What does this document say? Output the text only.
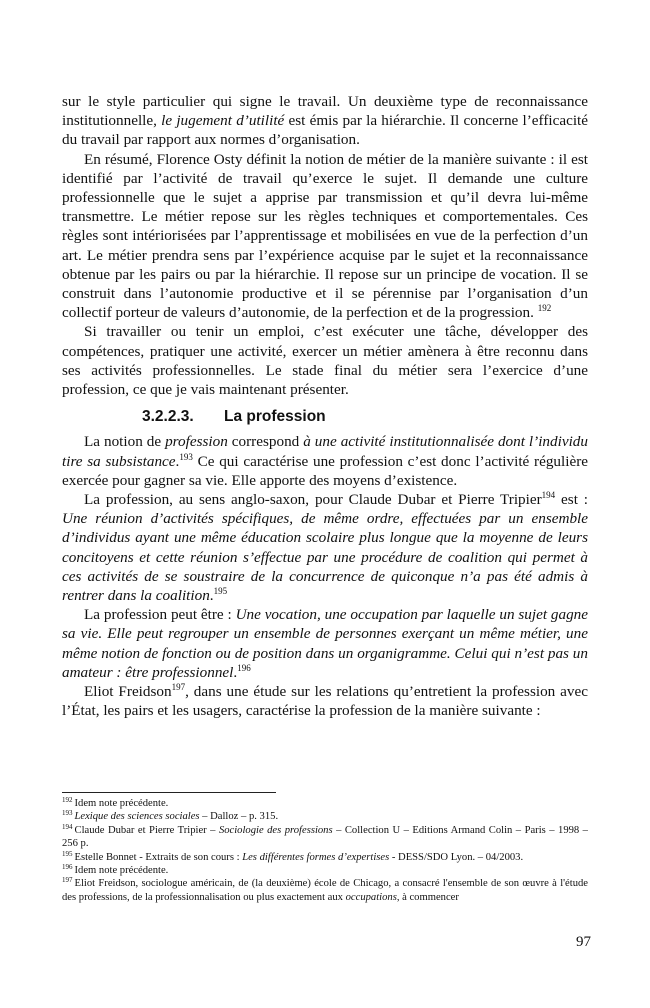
sur le style particulier qui signe le travail. Un deuxième type de reconnaissance institutionnelle, le jugement d’utilité est émis par la hiérarchie. Il concerne l’efficacité du travail par rapport aux normes d’organisation.

En résumé, Florence Osty définit la notion de métier de la manière suivante : il est identifié par l’activité de travail qu’exerce le sujet. Il demande une culture professionnelle que le sujet a apprise par transmission et qu’il devra lui-même transmettre. Le métier repose sur les règles techniques et comportementales. Ces règles sont intériorisées par l’apprentissage et mobilisées en vue de la perfection d’un art. Le métier prendra sens par l’expérience acquise par le sujet et la reconnaissance obtenue par les pairs ou par la hiérarchie. Il repose sur un principe de vocation. Il se construit dans l’autonomie productive et il se pérennise par l’organisation d’un collectif porteur de valeurs d’autonomie, de la perfection et de la progression. $^{192}$

Si travailler ou tenir un emploi, c’est exécuter une tâche, développer des compétences, pratiquer une activité, exercer un métier amènera à être reconnu dans ses activités professionnelles. Le stade final du métier sera l’exercice d’une profession, ce que je vais maintenant présenter.

3.2.2.3. La profession

La notion de profession correspond à une activité institutionnalisée dont l’individu tire sa subsistance.$^{193}$ Ce qui caractérise une profession c’est donc l’activité régulière exercée pour gagner sa vie. Elle apporte des moyens d’existence.

La profession, au sens anglo-saxon, pour Claude Dubar et Pierre Tripier$^{194}$ est : Une réunion d’activités spécifiques, de même ordre, effectuées par un ensemble d’individus ayant une même éducation scolaire plus longue que la moyenne de leurs concitoyens et cette réunion s’effectue par une procédure de coalition qui permet à ces activités de se soustraire de la concurrence de quiconque n’a pas été admis à rentrer dans la coalition.$^{195}$

La profession peut être : Une vocation, une occupation par laquelle un sujet gagne sa vie. Elle peut regrouper un ensemble de personnes exerçant un même métier, une même notion de fonction ou de position dans un organigramme. Celui qui n’est pas un amateur : être professionnel.$^{196}$

Eliot Freidson$^{197}$, dans une étude sur les relations qu’entretient la profession avec l’État, les pairs et les usagers, caractérise la profession de la manière suivante :

$^{192}$ Idem note précédente.

$^{193}$ Lexique des sciences sociales – Dalloz – p. 315.

$^{194}$ Claude Dubar et Pierre Tripier – Sociologie des professions – Collection U – Editions Armand Colin – Paris – 1998 – 256 p.

$^{195}$ Estelle Bonnet - Extraits de son cours : Les différentes formes d’expertises - DESS/SDO Lyon. – 04/2003.

$^{196}$ Idem note précédente.

$^{197}$ Eliot Freidson, sociologue américain, de (la deuxième) école de Chicago, a consacré l'ensemble de son œuvre à l'étude des professions, de la professionnalisation ou plus exactement aux occupations, à commencer

97
